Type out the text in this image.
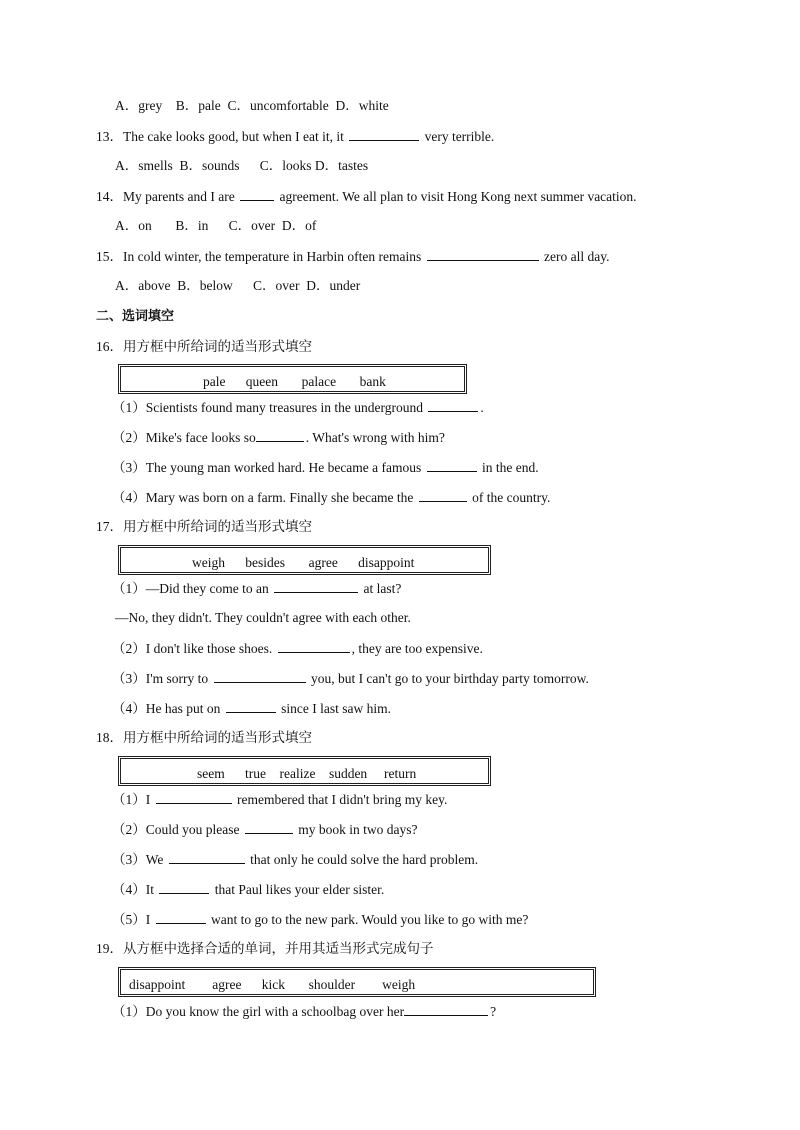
A．grey    B．pale  C．uncomfortable  D．white
13．The cake looks good, but when I eat it, it	very terrible.
A．smells  B．sounds      C．looks D．tastes
14．My parents and I are	agreement. We all plan to visit Hong Kong next summer vacation.
A．on       B．in      C．over  D．of
15．In cold winter, the temperature in Harbin often remains	zero all day.
A．above  B．below      C．over  D．under
二、选词填空
16．用方框中所给词的适当形式填空
pale      queen       palace       bank
（1）Scientists found many treasures in the underground	.
（2）Mike's face looks so	. What's wrong with him?
（3）The young man worked hard. He became a famous	in the end.
（4）Mary was born on a farm. Finally she became the	of the country.
17．用方框中所给词的适当形式填空
weigh      besides       agree      disappoint
（1）—Did they come to an	at last?
—No, they didn't. They couldn't agree with each other.
（2）I don't like those shoes.	, they are too expensive.
（3）I'm sorry to	you, but I can't go to your birthday party tomorrow.
（4）He has put on	since I last saw him.
18．用方框中所给词的适当形式填空
seem      true    realize    sudden     return
（1）I	remembered that I didn't bring my key.
（2）Could you please	my book in two days?
（3）We	that only he could solve the hard problem.
（4）It	that Paul likes your elder sister.
（5）I	want to go to the new park. Would you like to go with me?
19．从方框中选择合适的单词，并用其适当形式完成句子
disappoint        agree      kick       shoulder        weigh
（1）Do you know the girl with a schoolbag over her	?
